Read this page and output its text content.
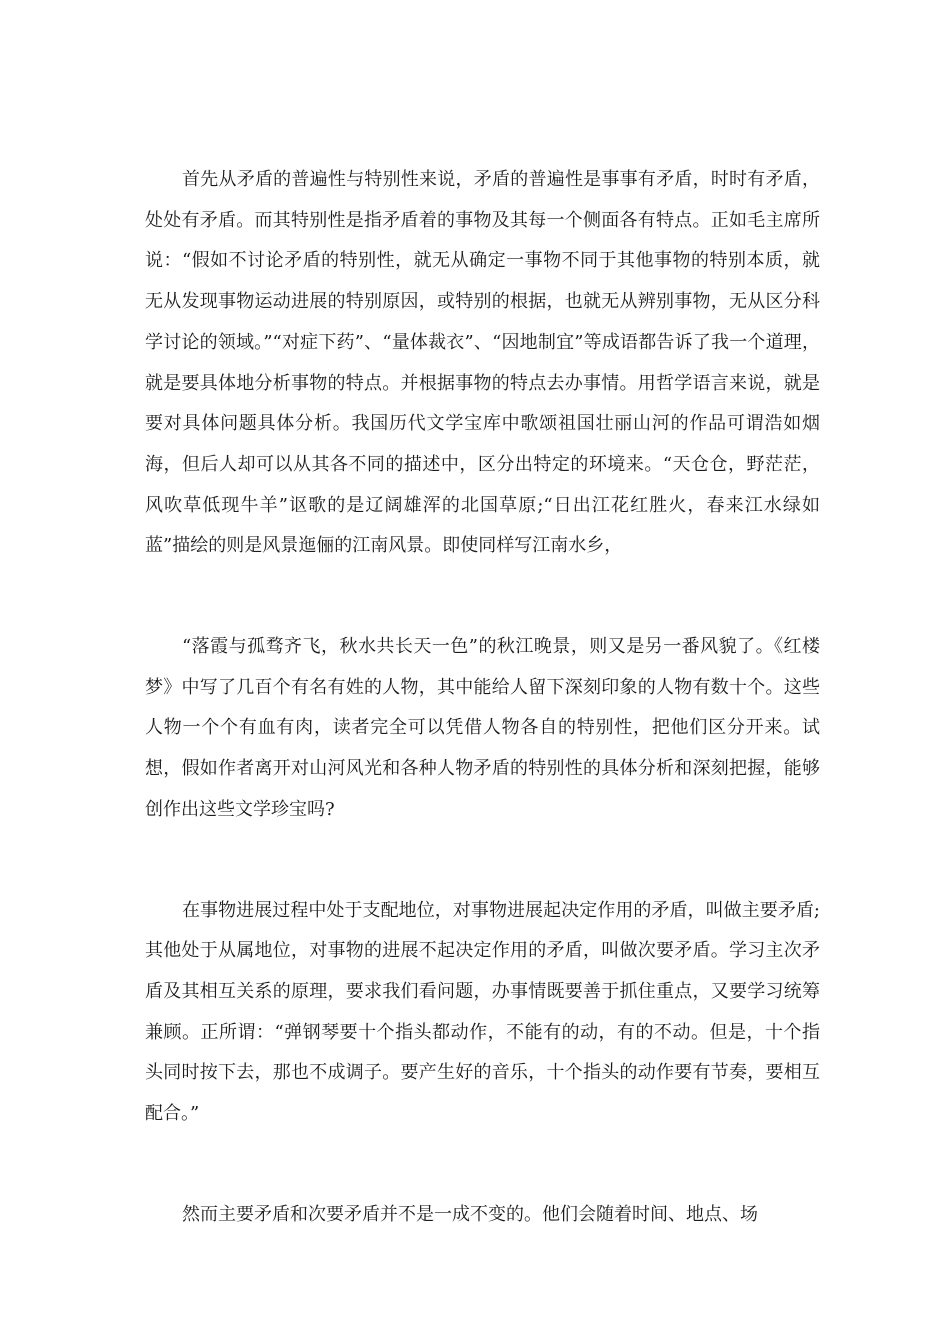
首先从矛盾的普遍性与特别性来说，矛盾的普遍性是事事有矛盾，时时有矛盾，处处有矛盾。而其特别性是指矛盾着的事物及其每一个侧面各有特点。正如毛主席所说：“假如不讨论矛盾的特别性，就无从确定一事物不同于其他事物的特别本质，就无从发现事物运动进展的特别原因，或特别的根据，也就无从辨别事物，无从区分科学讨论的领域。”“对症下药”、“量体裁衣”、“因地制宜”等成语都告诉了我一个道理，就是要具体地分析事物的特点。并根据事物的特点去办事情。用哲学语言来说，就是要对具体问题具体分析。我国历代文学宝库中歌颂祖国壮丽山河的作品可谓浩如烟海，但后人却可以从其各不同的描述中，区分出特定的环境来。“天仓仓，野茫茫，风吹草低现牛羊”讴歌的是辽阔雄浑的北国草原;“日出江花红胜火，春来江水绿如蓝”描绘的则是风景迤俪的江南风景。即使同样写江南水乡，

“落霞与孤骛齐飞，秋水共长天一色”的秋江晚景，则又是另一番风貌了。《红楼梦》中写了几百个有名有姓的人物，其中能给人留下深刻印象的人物有数十个。这些人物一个个有血有肉，读者完全可以凭借人物各自的特别性，把他们区分开来。试想，假如作者离开对山河风光和各种人物矛盾的特别性的具体分析和深刻把握，能够创作出这些文学珍宝吗?

在事物进展过程中处于支配地位，对事物进展起决定作用的矛盾，叫做主要矛盾;其他处于从属地位，对事物的进展不起决定作用的矛盾，叫做次要矛盾。学习主次矛盾及其相互关系的原理，要求我们看问题，办事情既要善于抓住重点，又要学习统筹兼顾。正所谓：“弹钢琴要十个指头都动作，不能有的动，有的不动。但是，十个指头同时按下去，那也不成调子。要产生好的音乐，十个指头的动作要有节奏，要相互配合。”

然而主要矛盾和次要矛盾并不是一成不变的。他们会随着时间、地点、场
